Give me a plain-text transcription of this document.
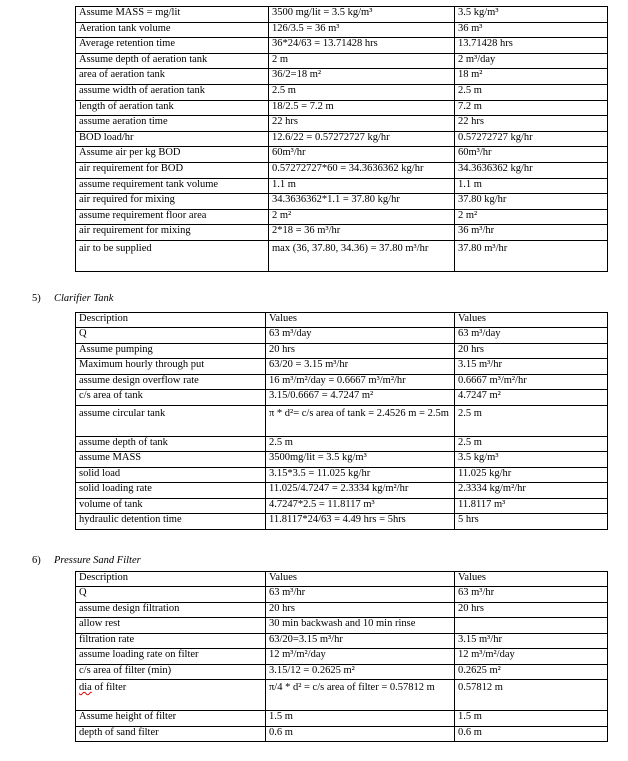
Assume MASS = mg/lit	3500 mg/lit = 3.5 kg/m³	3.5 kg/m³
Aeration tank volume	126/3.5 = 36 m³	36 m³
Average retention time	36*24/63 = 13.71428 hrs	13.71428 hrs
Assume depth of aeration tank	2 m	2 m³/day
area of aeration tank	36/2=18 m²	18 m²
assume width of aeration tank	2.5 m	2.5 m
length of aeration tank	18/2.5 = 7.2 m	7.2 m
assume aeration time	22 hrs	22 hrs
BOD load/hr	12.6/22 = 0.57272727 kg/hr	0.57272727 kg/hr
Assume air per kg BOD	60m³/hr	60m³/hr
air requirement for BOD	0.57272727*60 = 34.3636362 kg/hr	34.3636362 kg/hr
assume requirement tank volume	1.1 m	1.1 m
air required for mixing	34.3636362*1.1 = 37.80 kg/hr	37.80 kg/hr
assume requirement floor area	2 m²	2 m²
air requirement for mixing	2*18 = 36 m³/hr	36 m³/hr
air to be supplied	max (36, 37.80, 34.36) = 37.80 m³/hr	37.80 m³/hr
5) Clarifier Tank
Description	Values	Values
Q	63 m³/day	63 m³/day
Assume pumping	20 hrs	20 hrs
Maximum hourly through put	63/20 = 3.15 m³/hr	3.15 m³/hr
assume design overflow rate	16 m³/m²/day = 0.6667 m³/m²/hr	0.6667 m³/m²/hr
c/s area of tank	3.15/0.6667 = 4.7247 m²	4.7247 m²
assume circular tank	π * d²= c/s area of tank = 2.4526 m = 2.5m	2.5 m
assume depth of tank	2.5 m	2.5 m
assume MASS	3500mg/lit = 3.5 kg/m³	3.5 kg/m³
solid load	3.15*3.5 = 11.025 kg/hr	11.025 kg/hr
solid loading rate	11.025/4.7247 = 2.3334 kg/m²/hr	2.3334 kg/m²/hr
volume of tank	4.7247*2.5 = 11.8117 m³	11.8117 m³
hydraulic detention time	11.8117*24/63 = 4.49 hrs = 5hrs	5 hrs
6) Pressure Sand Filter
Description	Values	Values
Q	63 m³/hr	63 m³/hr
assume design filtration	20 hrs	20 hrs
allow rest	30 min backwash and 10 min rinse	
filtration rate	63/20=3.15 m³/hr	3.15 m³/hr
assume loading rate on filter	12 m³/m²/day	12 m³/m²/day
c/s area of filter (min)	3.15/12 = 0.2625 m²	0.2625 m²
dia of filter	π/4 * d² = c/s area of filter = 0.57812 m	0.57812 m
Assume height of filter	1.5 m	1.5 m
depth of sand filter	0.6 m	0.6 m
